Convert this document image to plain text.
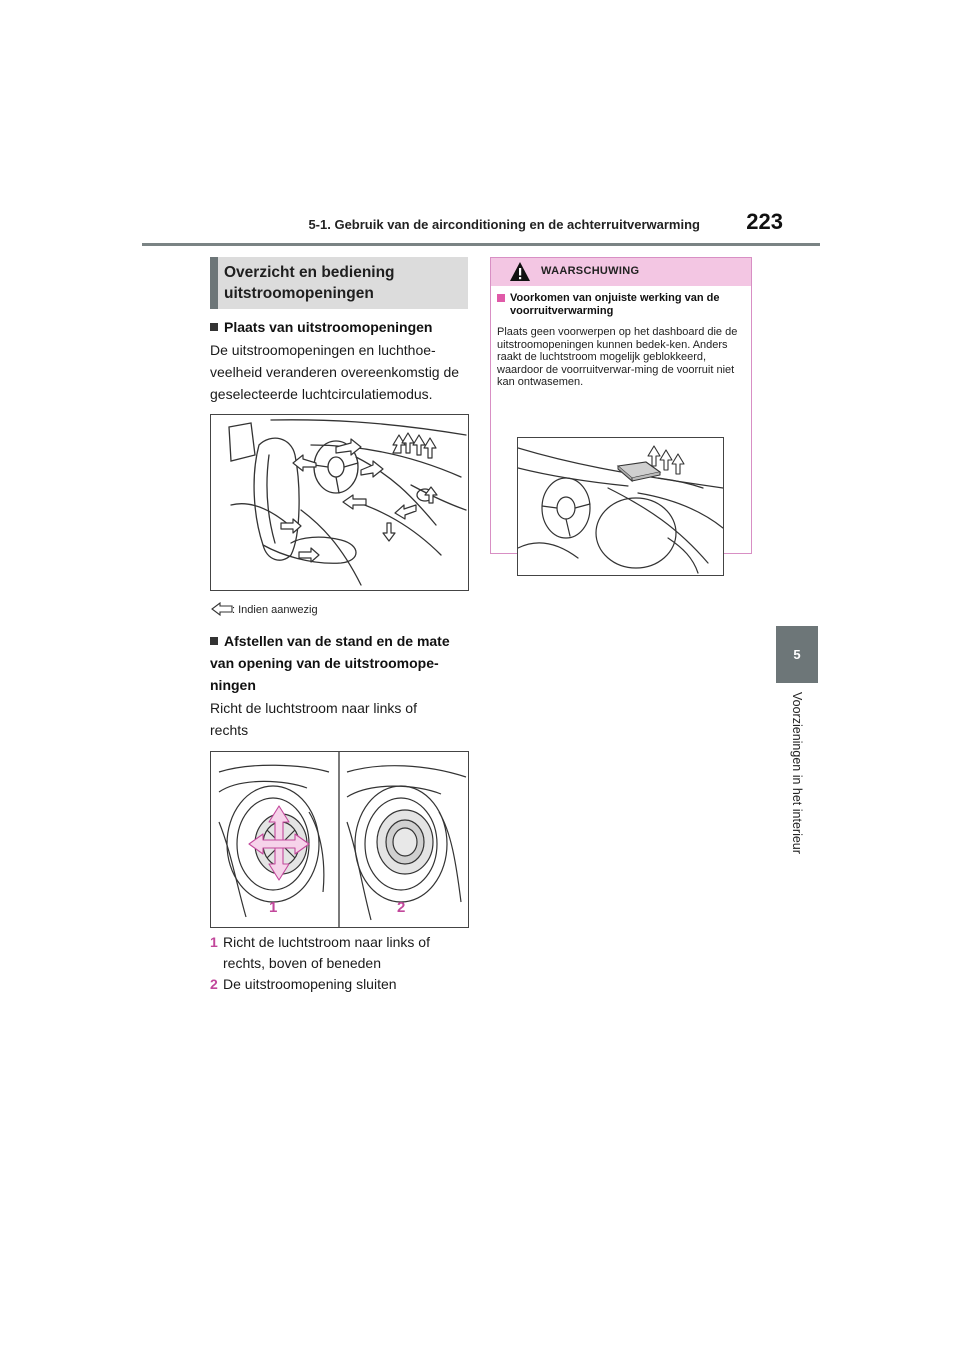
5-1. Gebruik van de airconditioning en de achterruitverwarming	223
5
Voorzieningen in het interieur
Overzicht en bediening uitstroomopeningen
Plaats van uitstroomopeningen
De uitstroomopeningen en luchthoe-veelheid veranderen overeenkomstig de geselecteerde luchtcirculatiemodus.
: Indien aanwezig
Afstellen van de stand en de mate van opening van de uitstroomope-ningen
Richt de luchtstroom naar links of rechts
1	2
1 Richt de luchtstroom naar links of rechts, boven of beneden
2 De uitstroomopening sluiten
WAARSCHUWING
Voorkomen van onjuiste werking van de voorruitverwarming
Plaats geen voorwerpen op het dashboard die de uitstroomopeningen kunnen bedek-ken. Anders raakt de luchtstroom mogelijk geblokkeerd, waardoor de voorruitverwar-ming de voorruit niet kan ontwasemen.
